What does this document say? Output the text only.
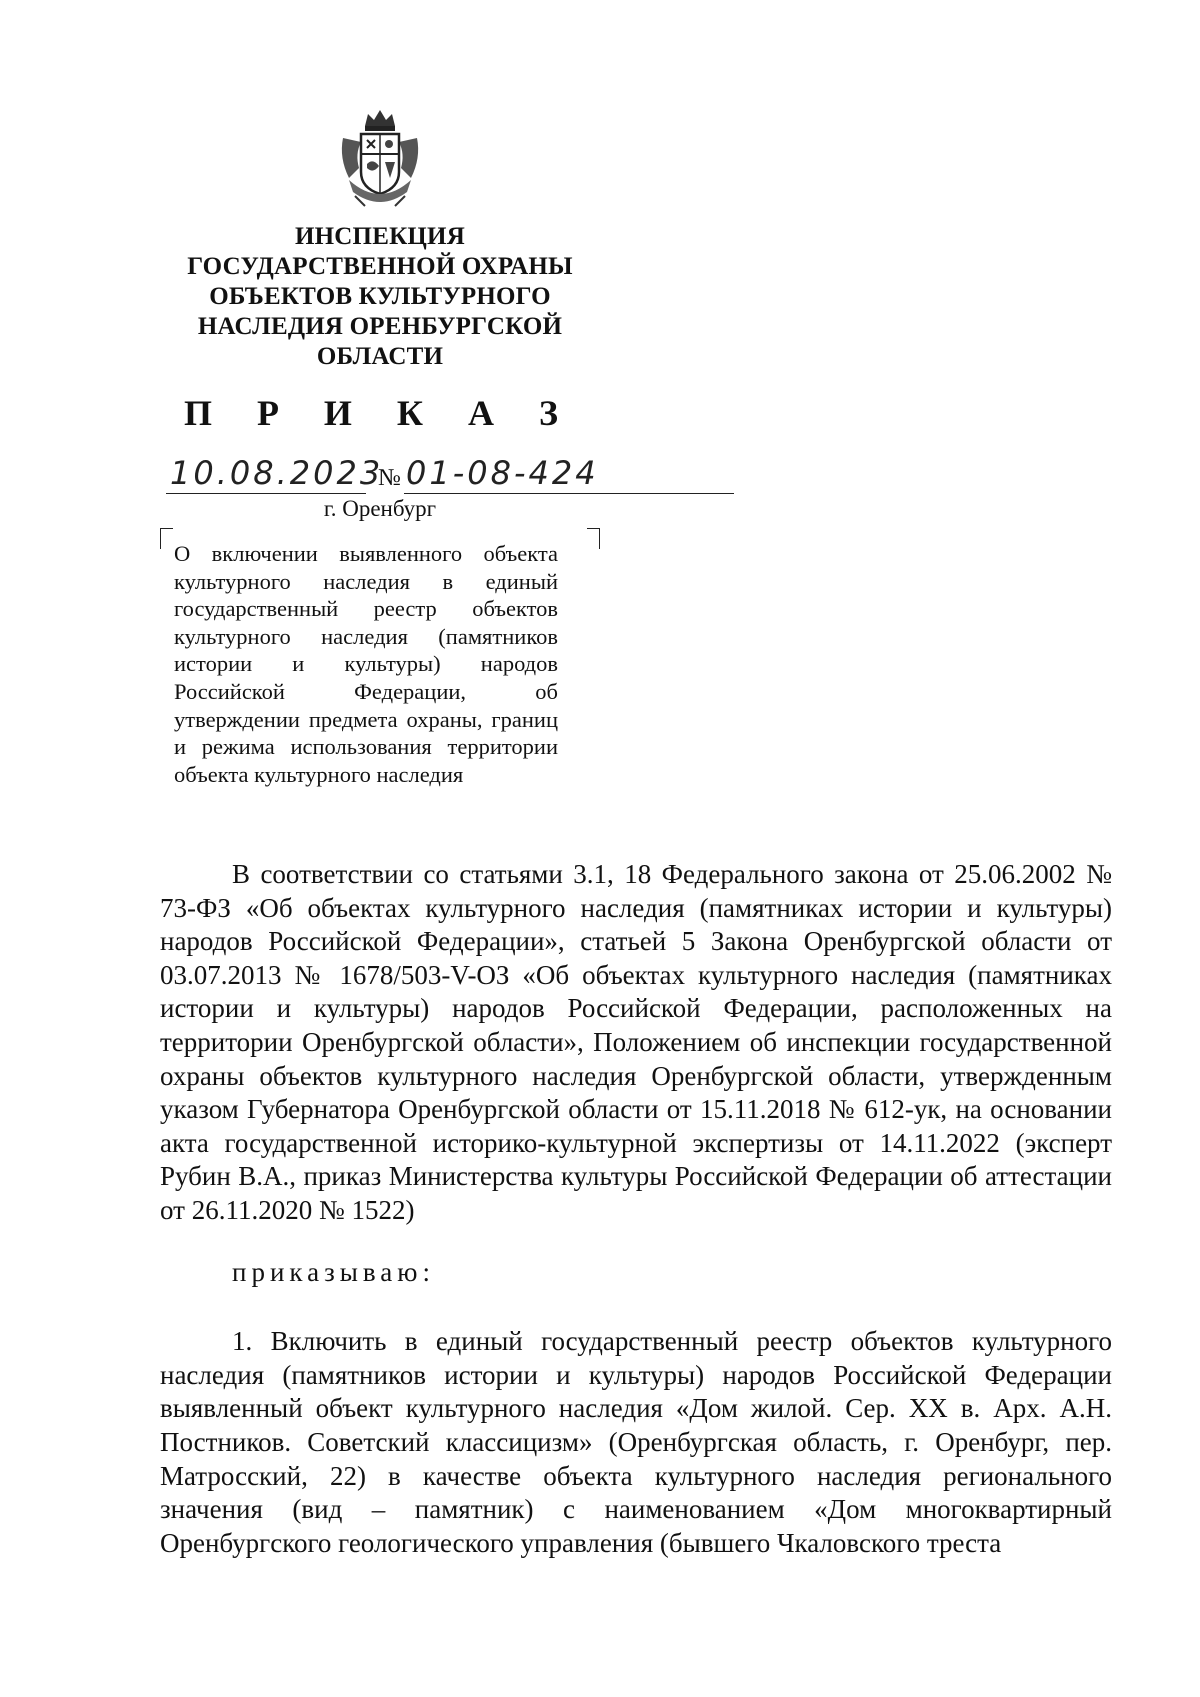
ИНСПЕКЦИЯ
ГОСУДАРСТВЕННОЙ ОХРАНЫ
ОБЪЕКТОВ КУЛЬТУРНОГО
НАСЛЕДИЯ ОРЕНБУРГСКОЙ
ОБЛАСТИ
П Р И К А З
10.08.2023
№ 01-08-424
г. Оренбург
О включении выявленного объекта культурного наследия в единый государственный реестр объектов культурного наследия (памятников истории и культуры) народов Российской Федерации, об утверждении предмета охраны, границ и режима использования территории объекта культурного наследия

В соответствии со статьями 3.1, 18 Федерального закона от 25.06.2002 № 73-ФЗ «Об объектах культурного наследия (памятниках истории и культуры) народов Российской Федерации», статьей 5 Закона Оренбургской области от 03.07.2013 № 1678/503-V-ОЗ «Об объектах культурного наследия (памятниках истории и культуры) народов Российской Федерации, расположенных на территории Оренбургской области», Положением об инспекции государственной охраны объектов культурного наследия Оренбургской области, утвержденным указом Губернатора Оренбургской области от 15.11.2018 № 612-ук, на основании акта государственной историко-культурной экспертизы от 14.11.2022 (эксперт Рубин В.А., приказ Министерства культуры Российской Федерации об аттестации от 26.11.2020 № 1522)

приказываю:

1. Включить в единый государственный реестр объектов культурного наследия (памятников истории и культуры) народов Российской Федерации выявленный объект культурного наследия «Дом жилой. Сер. XX в. Арх. А.Н. Постников. Советский классицизм» (Оренбургская область, г. Оренбург, пер. Матросский, 22) в качестве объекта культурного наследия регионального значения (вид – памятник) с наименованием «Дом многоквартирный Оренбургского геологического управления (бывшего Чкаловского треста
